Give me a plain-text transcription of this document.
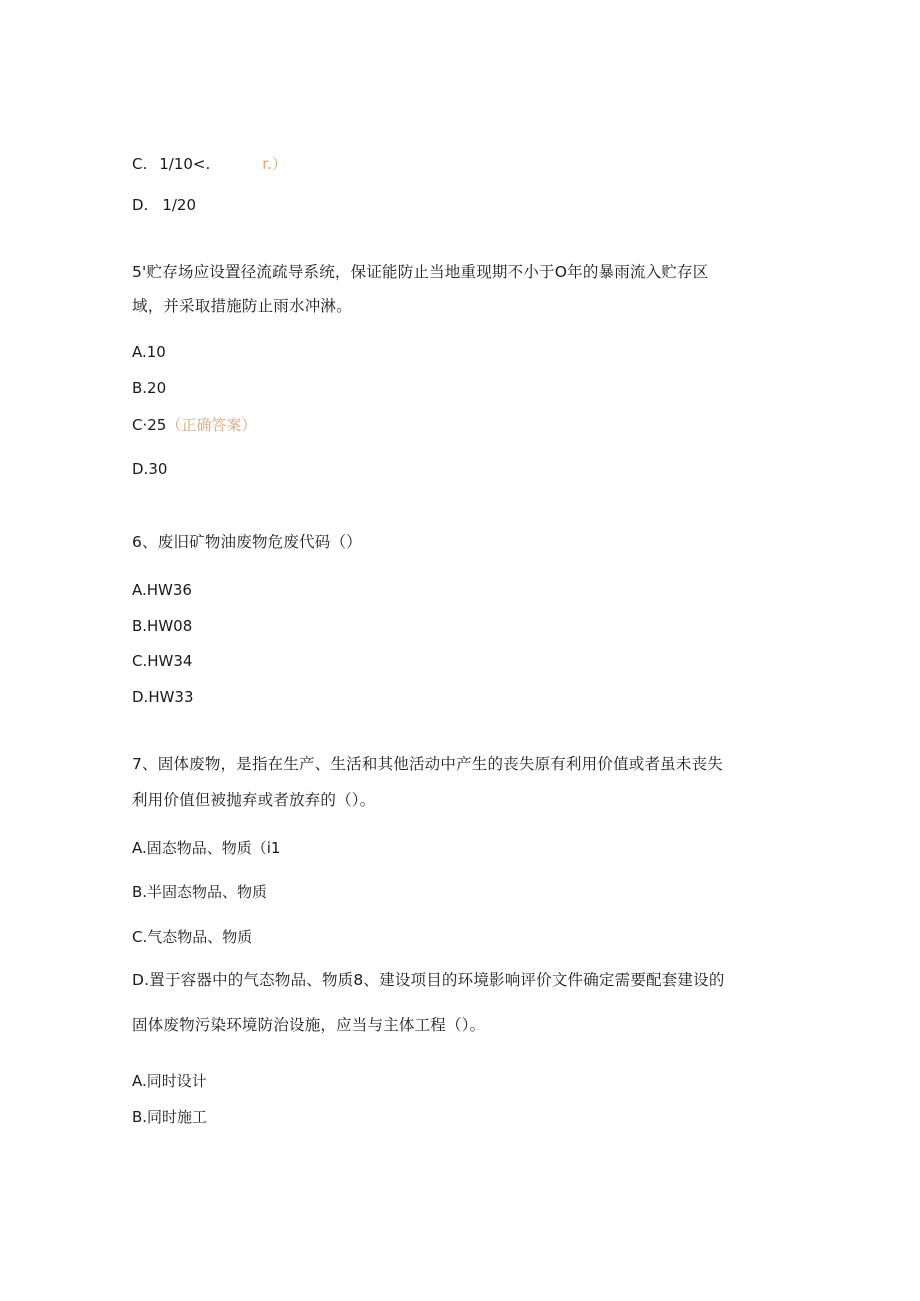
C. 1/10<.	r.）
D. 1/20
5'贮存场应设置径流疏导系统，保证能防止当地重现期不小于O年的暴雨流入贮存区
域，并采取措施防止雨水冲淋。
A.10
B.20
C·25（正确答案）
D.30
6、废旧矿物油废物危废代码（）
A.HW36
B.HW08
C.HW34
D.HW33
7、固体废物，是指在生产、生活和其他活动中产生的丧失原有利用价值或者虽未丧失
利用价值但被抛弃或者放弃的（）。
A.固态物品、物质（i1
B.半固态物品、物质
C.气态物品、物质
D.置于容器中的气态物品、物质8、建设项目的环境影响评价文件确定需要配套建设的
固体废物污染环境防治设施，应当与主体工程（）。
A.同时设计
B.同时施工
